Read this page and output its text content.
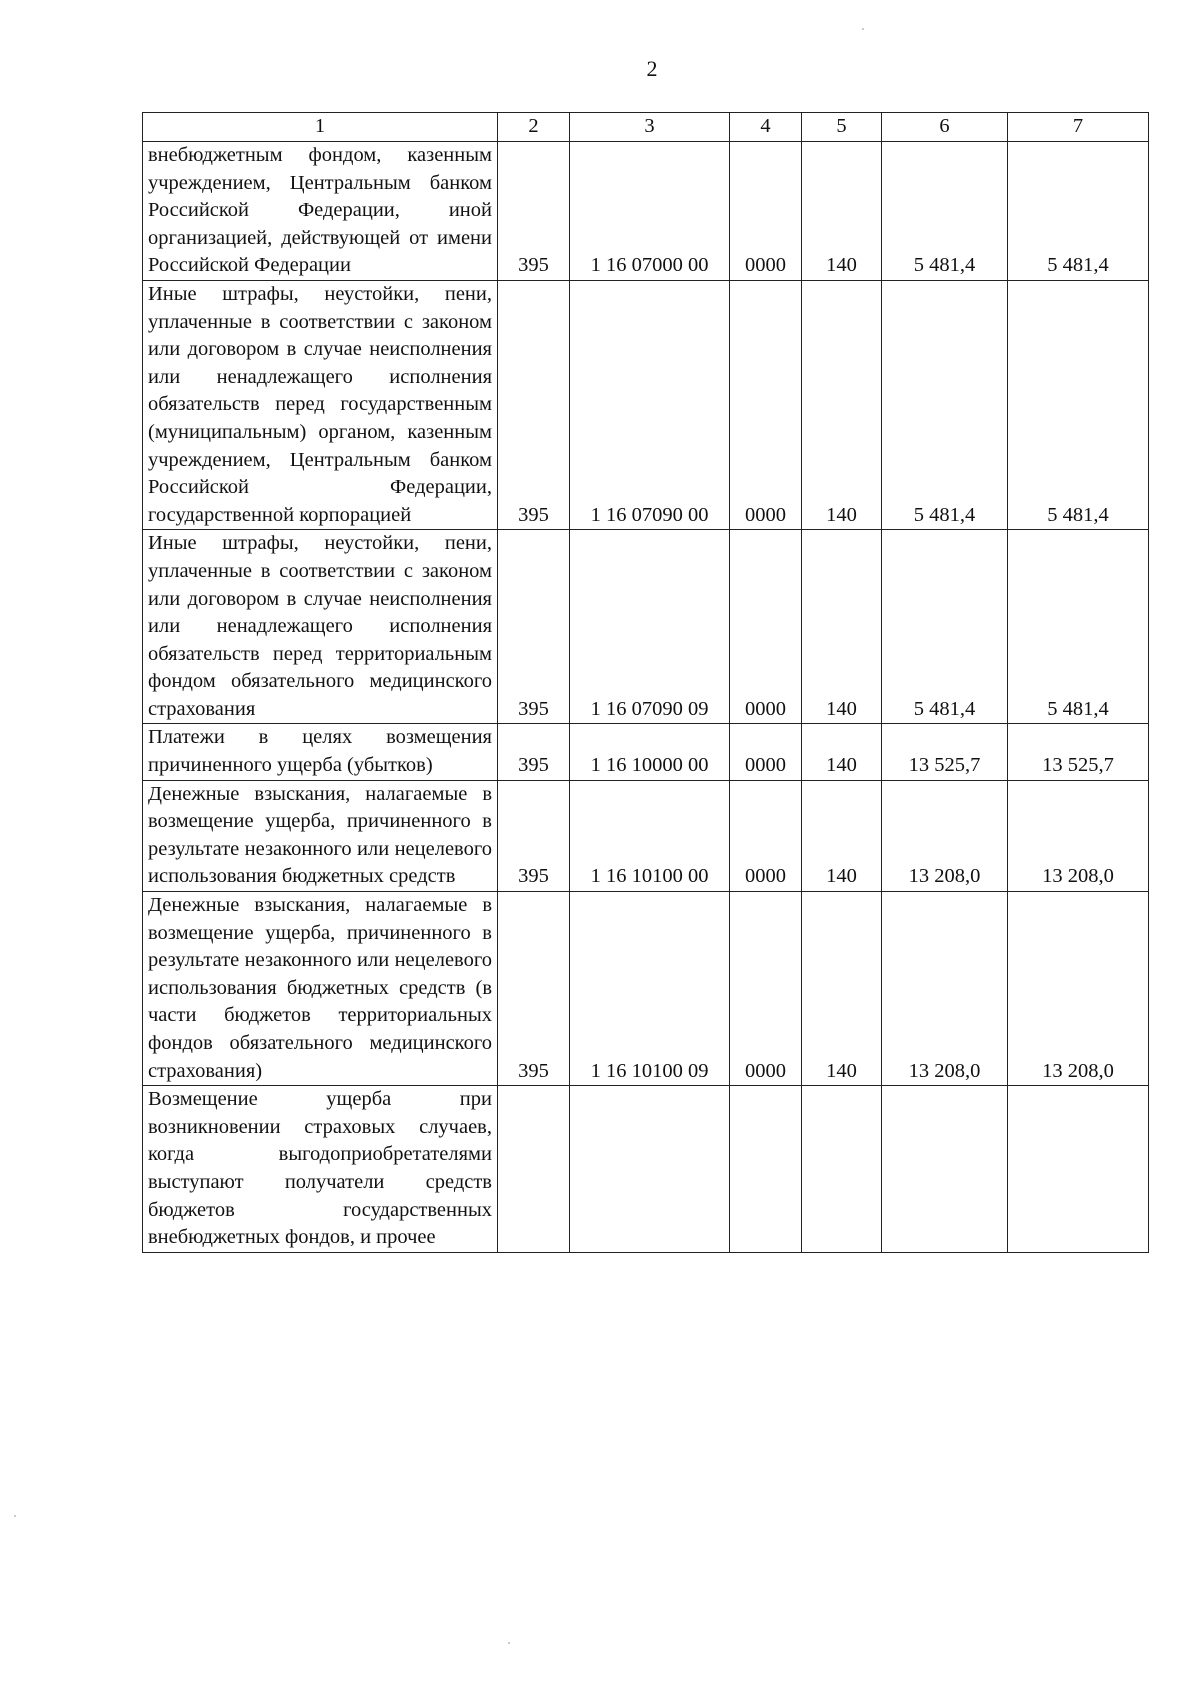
2
1	2	3	4	5	6	7
внебюджетным фондом, казенным учреждением, Центральным банком Российской Федерации, иной организацией, действующей от имени Российской Федерации	395	1 16 07000 00	0000	140	5 481,4	5 481,4
Иные штрафы, неустойки, пени, уплаченные в соответствии с законом или договором в случае неисполнения или ненадлежащего исполнения обязательств перед государственным (муниципальным) органом, казенным учреждением, Центральным банком Российской Федерации, государственной корпорацией	395	1 16 07090 00	0000	140	5 481,4	5 481,4
Иные штрафы, неустойки, пени, уплаченные в соответствии с законом или договором в случае неисполнения или ненадлежащего исполнения обязательств перед территориальным фондом обязательного медицинского страхования	395	1 16 07090 09	0000	140	5 481,4	5 481,4
Платежи в целях возмещения причиненного ущерба (убытков)	395	1 16 10000 00	0000	140	13 525,7	13 525,7
Денежные взыскания, налагаемые в возмещение ущерба, причиненного в результате незаконного или нецелевого использования бюджетных средств	395	1 16 10100 00	0000	140	13 208,0	13 208,0
Денежные взыскания, налагаемые в возмещение ущерба, причиненного в результате незаконного или нецелевого использования бюджетных средств (в части бюджетов территориальных фондов обязательного медицинского страхования)	395	1 16 10100 09	0000	140	13 208,0	13 208,0
Возмещение ущерба при возникновении страховых случаев, когда выгодоприобретателями выступают получатели средств бюджетов государственных внебюджетных фондов, и прочее						
